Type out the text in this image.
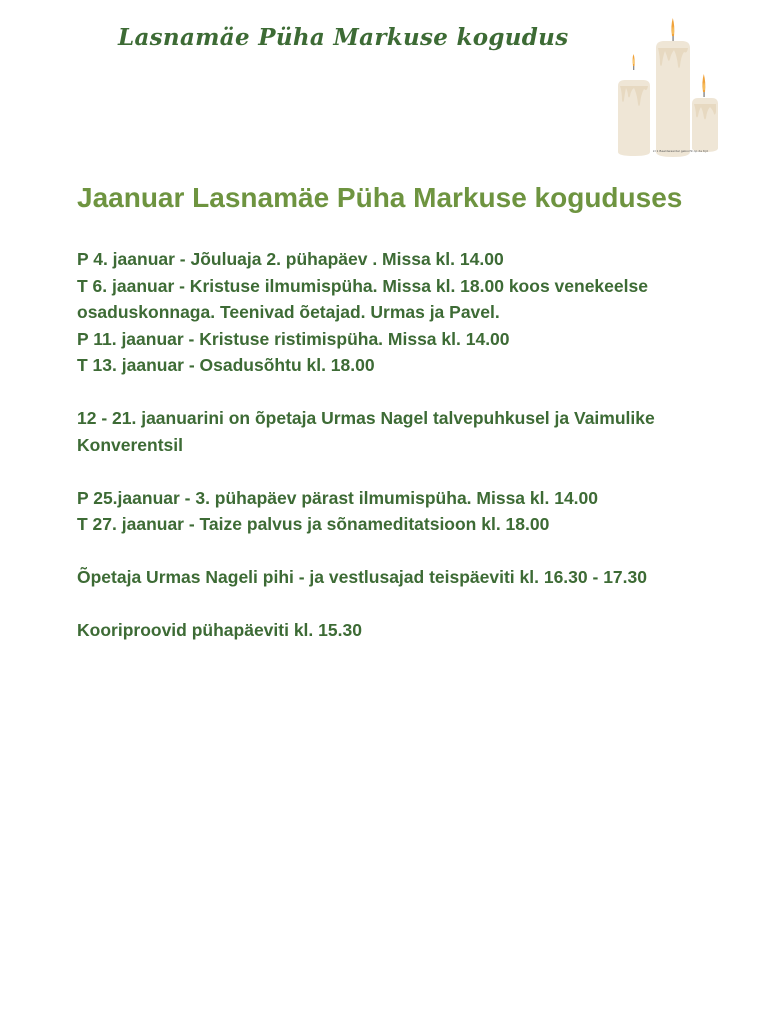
Lasnamäe Püha Markuse kogudus
kl 1 Beeldwaardel gekocht op de tijd
Jaanuar Lasnamäe Püha Markuse koguduses

P 4. jaanuar - Jõuluaja 2. pühapäev . Missa kl. 14.00

T 6. jaanuar - Kristuse ilmumispüha. Missa kl. 18.00 koos venekeelse osaduskonnaga. Teenivad õetajad. Urmas ja Pavel.

P 11. jaanuar - Kristuse ristimispüha. Missa kl. 14.00

T 13. jaanuar - Osadusõhtu kl. 18.00

12 - 21. jaanuarini on õpetaja Urmas Nagel talvepuhkusel ja Vaimulike Konverentsil

P 25.jaanuar - 3. pühapäev pärast ilmumispüha. Missa kl. 14.00

T 27. jaanuar - Taize palvus ja sõnameditatsioon kl. 18.00

Õpetaja Urmas Nageli pihi - ja vestlusajad teispäeviti kl. 16.30 - 17.30

Kooriproovid pühapäeviti kl. 15.30
